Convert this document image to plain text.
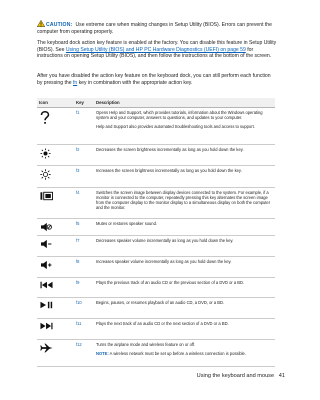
CAUTION: Use extreme care when making changes in Setup Utility (BIOS). Errors can prevent the computer from operating properly.

The keyboard dock action key feature is enabled at the factory. You can disable this feature in Setup Utility (BIOS). See Using Setup Utility (BIOS) and HP PC Hardware Diagnostics (UEFI) on page 59 for instructions on opening Setup Utility (BIOS), and then follow the instructions at the bottom of the screen.

After you have disabled the action key feature on the keyboard dock, you can still perform each function by pressing the fn key in combination with the appropriate action key.

Icon	Key	Description

	f1	Opens Help and Support, which provides tutorials, information about the Windows operating system and your computer, answers to questions, and updates to your computer.

Help and Support also provides automated troubleshooting tools and access to support.

	f2	Decreases the screen brightness incrementally as long as you hold down the key.

	f3	Increases the screen brightness incrementally as long as you hold down the key.

	f4	Switches the screen image between display devices connected to the system. For example, if a monitor is connected to the computer, repeatedly pressing this key alternates the screen image from the computer display to the monitor display to a simultaneous display on both the computer and the monitor.

	f5	Mutes or restores speaker sound.

	f7	Decreases speaker volume incrementally as long as you hold down the key.

	f8	Increases speaker volume incrementally as long as you hold down the key.

	f9	Plays the previous track of an audio CD or the previous section of a DVD or a BD.

	f10	Begins, pauses, or resumes playback of an audio CD, a DVD, or a BD.

	f11	Plays the next track of an audio CD or the next section of a DVD or a BD.

	f12	Turns the airplane mode and wireless feature on or off.

NOTE: A wireless network must be set up before a wireless connection is possible.

Using the keyboard and mouse 41
